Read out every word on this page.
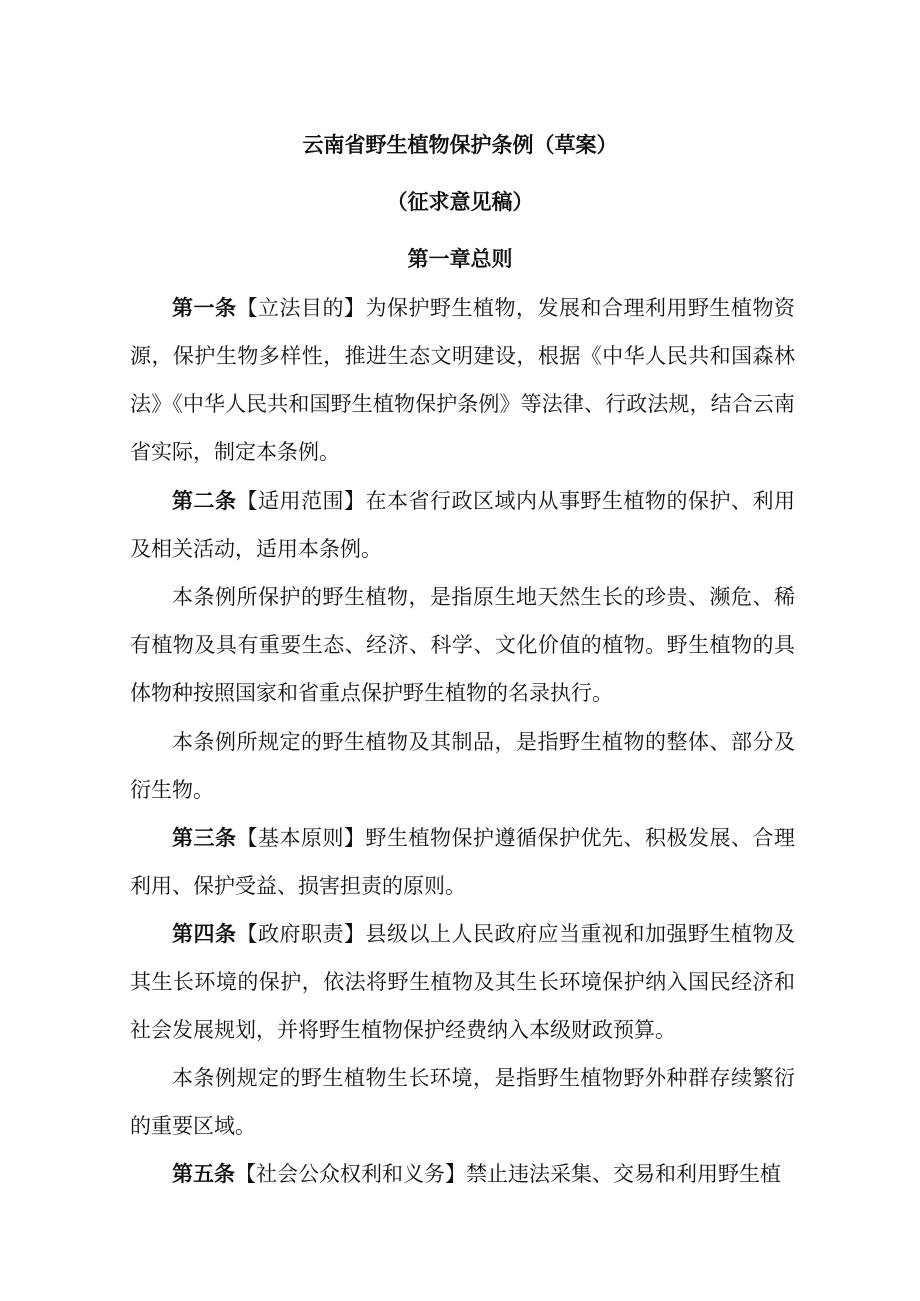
云南省野生植物保护条例（草案）
（征求意见稿）
第一章总则

第一条【立法目的】为保护野生植物，发展和合理利用野生植物资源，保护生物多样性，推进生态文明建设，根据《中华人民共和国森林法》《中华人民共和国野生植物保护条例》等法律、行政法规，结合云南省实际，制定本条例。

第二条【适用范围】在本省行政区域内从事野生植物的保护、利用及相关活动，适用本条例。

本条例所保护的野生植物，是指原生地天然生长的珍贵、濒危、稀有植物及具有重要生态、经济、科学、文化价值的植物。野生植物的具体物种按照国家和省重点保护野生植物的名录执行。

本条例所规定的野生植物及其制品，是指野生植物的整体、部分及衍生物。

第三条【基本原则】野生植物保护遵循保护优先、积极发展、合理利用、保护受益、损害担责的原则。

第四条【政府职责】县级以上人民政府应当重视和加强野生植物及其生长环境的保护，依法将野生植物及其生长环境保护纳入国民经济和社会发展规划，并将野生植物保护经费纳入本级财政预算。

本条例规定的野生植物生长环境，是指野生植物野外种群存续繁衍的重要区域。

第五条【社会公众权利和义务】禁止违法采集、交易和利用野生植
